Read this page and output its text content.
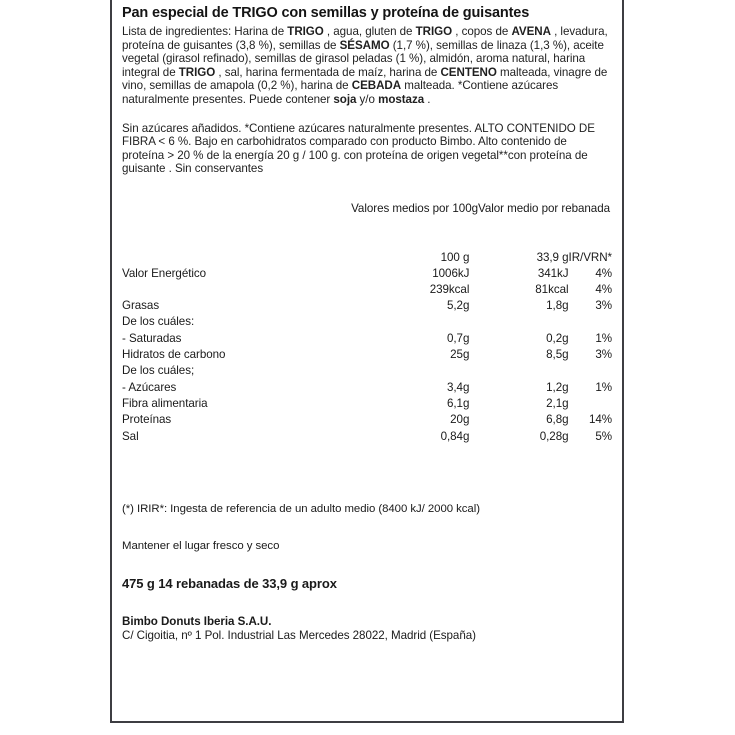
Pan especial de TRIGO con semillas y proteína de guisantes

Lista de ingredientes: Harina de TRIGO , agua, gluten de TRIGO , copos de AVENA , levadura, proteína de guisantes (3,8 %), semillas de SÉSAMO (1,7 %), semillas de linaza (1,3 %), aceite vegetal (girasol refinado), semillas de girasol peladas (1 %), almidón, aroma natural, harina integral de TRIGO , sal, harina fermentada de maíz, harina de CENTENO malteada, vinagre de vino, semillas de amapola (0,2 %), harina de CEBADA malteada. *Contiene azúcares naturalmente presentes. Puede contener soja y/o mostaza .

Sin azúcares añadidos. *Contiene azúcares naturalmente presentes. ALTO CONTENIDO DE FIBRA < 6 %. Bajo en carbohidratos comparado con producto Bimbo. Alto contenido de proteína > 20 % de la energía 20 g / 100 g. con proteína de origen vegetal**con proteína de guisante . Sin conservantes

Valores medios por 100gValor medio por rebanada
	100 g	33,9 g	IR/VRN*
Valor Energético	1006kJ	341kJ	4%
	239kcal	81kcal	4%
Grasas	5,2g	1,8g	3%
De los cuáles:			
- Saturadas	0,7g	0,2g	1%
Hidratos de carbono	25g	8,5g	3%
De los cuáles;			
- Azúcares	3,4g	1,2g	1%
Fibra alimentaria	6,1g	2,1g	
Proteínas	20g	6,8g	14%
Sal	0,84g	0,28g	5%
(*) IRIR*: Ingesta de referencia de un adulto medio (8400 kJ/ 2000 kcal)
Mantener el lugar fresco y seco
475 g 14 rebanadas de 33,9 g aprox
Bimbo Donuts Iberia S.A.U.
C/ Cigoitia, nº 1 Pol. Industrial Las Mercedes 28022, Madrid (España)
